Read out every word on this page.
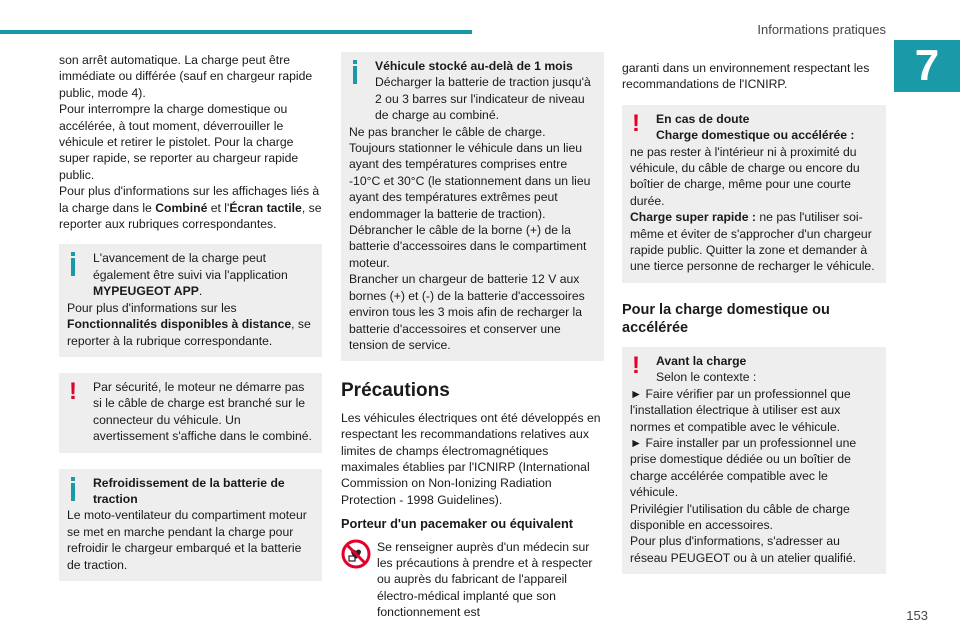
Informations pratiques
7

son arrêt automatique. La charge peut être immédiate ou différée (sauf en chargeur rapide public, mode 4).

Pour interrompre la charge domestique ou accélérée, à tout moment, déverrouiller le véhicule et retirer le pistolet. Pour la charge super rapide, se reporter au chargeur rapide public.

Pour plus d'informations sur les affichages liés à la charge dans le Combiné et l'Écran tactile, se reporter aux rubriques correspondantes.

L'avancement de la charge peut également être suivi via l'application MYPEUGEOT APP.

Pour plus d'informations sur les Fonctionnalités disponibles à distance, se reporter à la rubrique correspondante.

!	Par sécurité, le moteur ne démarre pas si le câble de charge est branché sur le connecteur du véhicule. Un avertissement s'affiche dans le combiné.

Refroidissement de la batterie de traction

Le moto-ventilateur du compartiment moteur se met en marche pendant la charge pour refroidir le chargeur embarqué et la batterie de traction.

Véhicule stocké au-delà de 1 mois

Décharger la batterie de traction jusqu'à 2 ou 3 barres sur l'indicateur de niveau de charge au combiné.

Ne pas brancher le câble de charge.

Toujours stationner le véhicule dans un lieu ayant des températures comprises entre -10°C et 30°C (le stationnement dans un lieu ayant des températures extrêmes peut endommager la batterie de traction).

Débrancher le câble de la borne (+) de la batterie d'accessoires dans le compartiment moteur.

Brancher un chargeur de batterie 12 V aux bornes (+) et (-) de la batterie d'accessoires environ tous les 3 mois afin de recharger la batterie d'accessoires et conserver une tension de service.

Précautions

Les véhicules électriques ont été développés en respectant les recommandations relatives aux limites de champs électromagnétiques maximales établies par l'ICNIRP (International Commission on Non-Ionizing Radiation Protection - 1998 Guidelines).

Porteur d'un pacemaker ou équivalent

Se renseigner auprès d'un médecin sur les précautions à prendre et à respecter ou auprès du fabricant de l'appareil électro-médical implanté que son fonctionnement est

garanti dans un environnement respectant les recommandations de l'ICNIRP.

!	En cas de doute

Charge domestique ou accélérée :

ne pas rester à l'intérieur ni à proximité du véhicule, du câble de charge ou encore du boîtier de charge, même pour une courte durée.

Charge super rapide : ne pas l'utiliser soi-même et éviter de s'approcher d'un chargeur rapide public. Quitter la zone et demander à une tierce personne de recharger le véhicule.

Pour la charge domestique ou accélérée
!	Avant la charge

Selon le contexte :

► Faire vérifier par un professionnel que l'installation électrique à utiliser est aux normes et compatible avec le véhicule.

► Faire installer par un professionnel une prise domestique dédiée ou un boîtier de charge accélérée compatible avec le véhicule.

Privilégier l'utilisation du câble de charge disponible en accessoires.

Pour plus d'informations, s'adresser au réseau PEUGEOT ou à un atelier qualifié.

153
